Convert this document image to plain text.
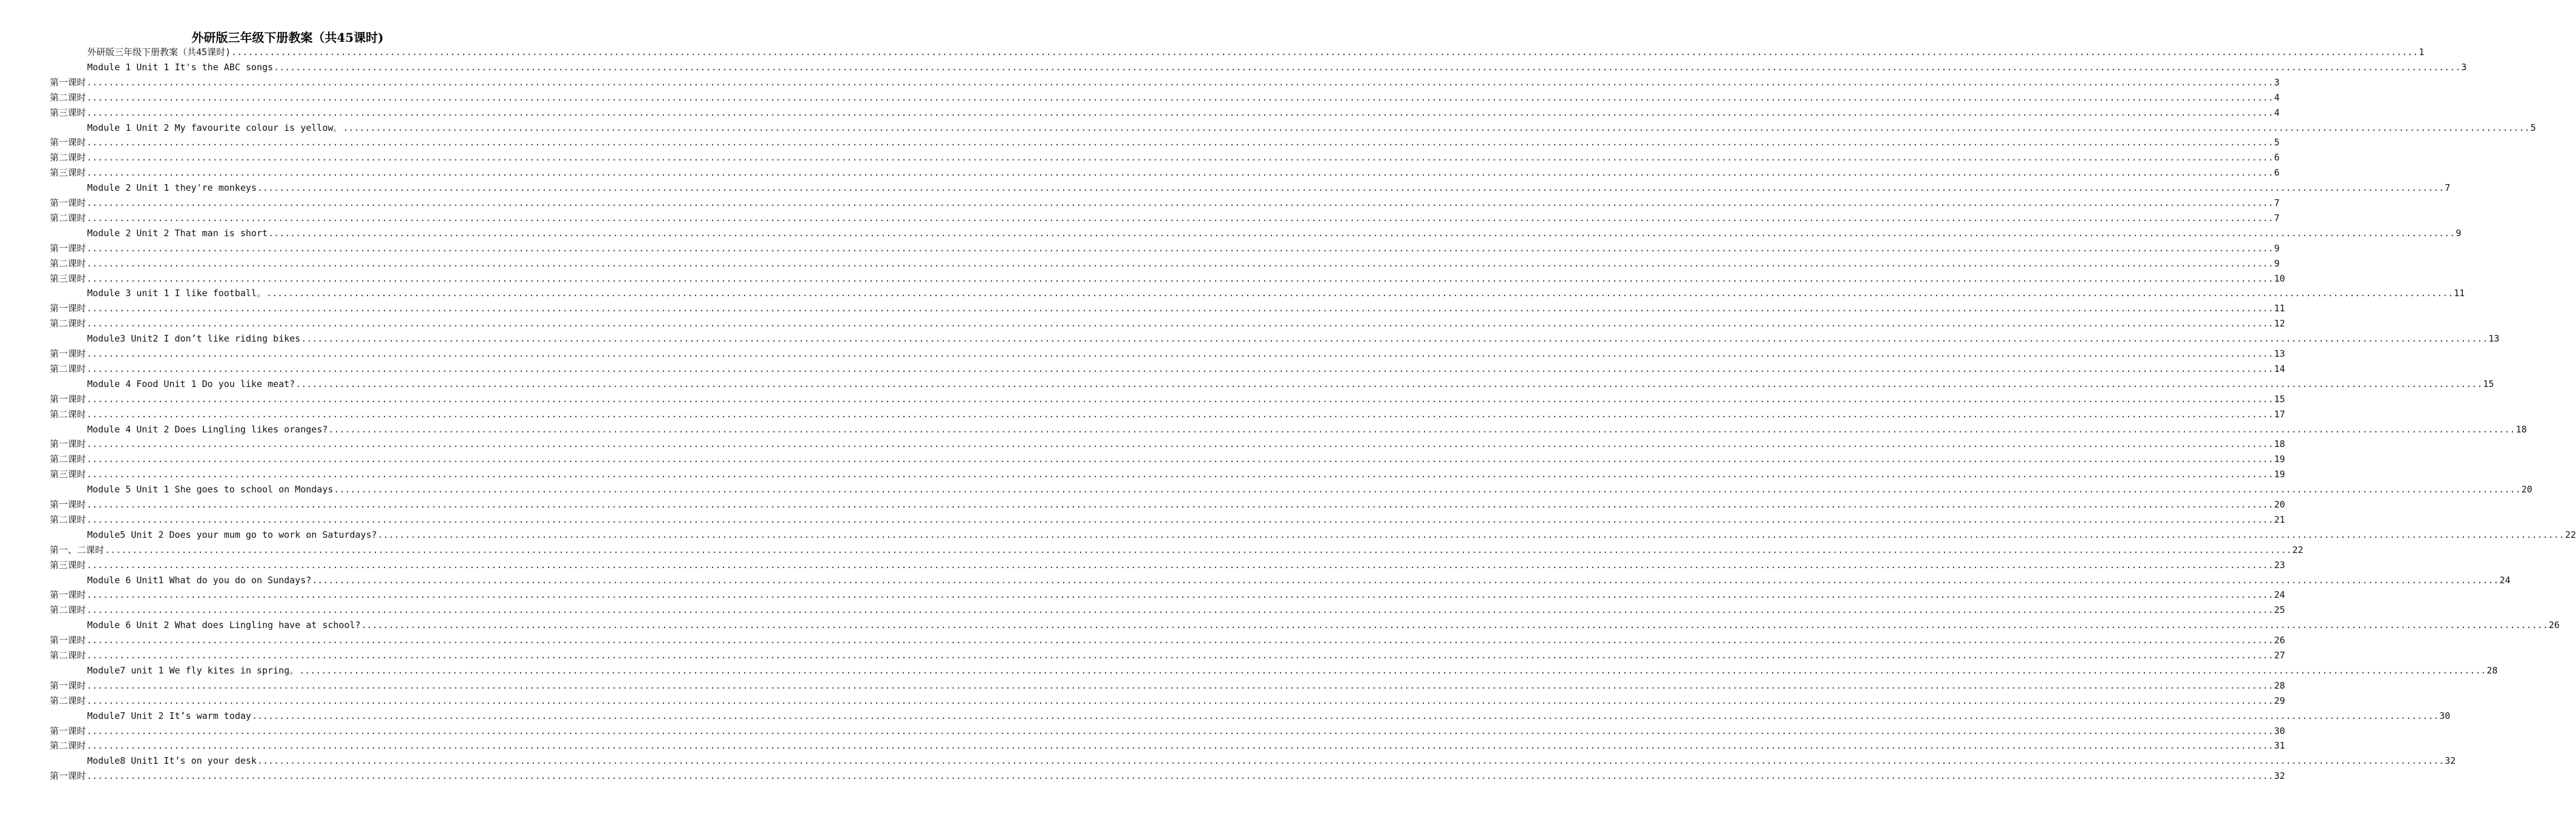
外研版三年级下册教案（共45课时)
外研版三年级下册教案（共45课时) ................................................................................................................................................................................................................................................................................................................................................................................................................ 1
Module 1 Unit 1 It's the ABC songs ................................................................................................................................................................................................................................................................................................................................................................................................................ 3
第一课时 ................................................................................................................................................................................................................................................................................................................................................................................................................ 3
第二课时 ................................................................................................................................................................................................................................................................................................................................................................................................................ 4
第三课时 ................................................................................................................................................................................................................................................................................................................................................................................................................ 4
Module 1 Unit 2 My favourite colour is yellow。 ................................................................................................................................................................................................................................................................................................................................................................................................................ 5
第一课时 ................................................................................................................................................................................................................................................................................................................................................................................................................ 5
第二课时 ................................................................................................................................................................................................................................................................................................................................................................................................................ 6
第三课时 ................................................................................................................................................................................................................................................................................................................................................................................................................ 6
Module 2 Unit 1 they're monkeys ................................................................................................................................................................................................................................................................................................................................................................................................................ 7
第一课时 ................................................................................................................................................................................................................................................................................................................................................................................................................ 7
第二课时 ................................................................................................................................................................................................................................................................................................................................................................................................................ 7
Module 2 Unit 2 That man is short ................................................................................................................................................................................................................................................................................................................................................................................................................ 9
第一课时 ................................................................................................................................................................................................................................................................................................................................................................................................................ 9
第二课时 ................................................................................................................................................................................................................................................................................................................................................................................................................ 9
第三课时 ................................................................................................................................................................................................................................................................................................................................................................................................................ 10
Module 3 unit 1 I like football。 ................................................................................................................................................................................................................................................................................................................................................................................................................ 11
第一课时 ................................................................................................................................................................................................................................................................................................................................................................................................................ 11
第二课时 ................................................................................................................................................................................................................................................................................................................................................................................................................ 12
Module3 Unit2 I don’t like riding bikes ................................................................................................................................................................................................................................................................................................................................................................................................................ 13
第一课时 ................................................................................................................................................................................................................................................................................................................................................................................................................ 13
第二课时 ................................................................................................................................................................................................................................................................................................................................................................................................................ 14
Module 4 Food Unit 1 Do you like meat? ................................................................................................................................................................................................................................................................................................................................................................................................................ 15
第一课时 ................................................................................................................................................................................................................................................................................................................................................................................................................ 15
第二课时 ................................................................................................................................................................................................................................................................................................................................................................................................................ 17
Module 4 Unit 2 Does Lingling likes oranges? ................................................................................................................................................................................................................................................................................................................................................................................................................ 18
第一课时 ................................................................................................................................................................................................................................................................................................................................................................................................................ 18
第二课时 ................................................................................................................................................................................................................................................................................................................................................................................................................ 19
第三课时 ................................................................................................................................................................................................................................................................................................................................................................................................................ 19
Module 5 Unit 1 She goes to school on Mondays ................................................................................................................................................................................................................................................................................................................................................................................................................ 20
第一课时 ................................................................................................................................................................................................................................................................................................................................................................................................................ 20
第二课时 ................................................................................................................................................................................................................................................................................................................................................................................................................ 21
Module5 Unit 2 Does your mum go to work on Saturdays? ................................................................................................................................................................................................................................................................................................................................................................................................................ 22
第一、二课时 ................................................................................................................................................................................................................................................................................................................................................................................................................ 22
第三课时 ................................................................................................................................................................................................................................................................................................................................................................................................................ 23
Module 6 Unit1 What do you do on Sundays? ................................................................................................................................................................................................................................................................................................................................................................................................................ 24
第一课时 ................................................................................................................................................................................................................................................................................................................................................................................................................ 24
第二课时 ................................................................................................................................................................................................................................................................................................................................................................................................................ 25
Module 6 Unit 2 What does Lingling have at school? ................................................................................................................................................................................................................................................................................................................................................................................................................ 26
第一课时 ................................................................................................................................................................................................................................................................................................................................................................................................................ 26
第二课时 ................................................................................................................................................................................................................................................................................................................................................................................................................ 27
Module7 unit 1 We fly kites in spring。 ................................................................................................................................................................................................................................................................................................................................................................................................................ 28
第一课时 ................................................................................................................................................................................................................................................................................................................................................................................................................ 28
第二课时 ................................................................................................................................................................................................................................................................................................................................................................................................................ 29
Module7 Unit 2 It’s warm today ................................................................................................................................................................................................................................................................................................................................................................................................................ 30
第一课时 ................................................................................................................................................................................................................................................................................................................................................................................................................ 30
第二课时 ................................................................................................................................................................................................................................................................................................................................................................................................................ 31
Module8 Unit1 It’s on your desk ................................................................................................................................................................................................................................................................................................................................................................................................................ 32
第一课时 ................................................................................................................................................................................................................................................................................................................................................................................................................ 32
